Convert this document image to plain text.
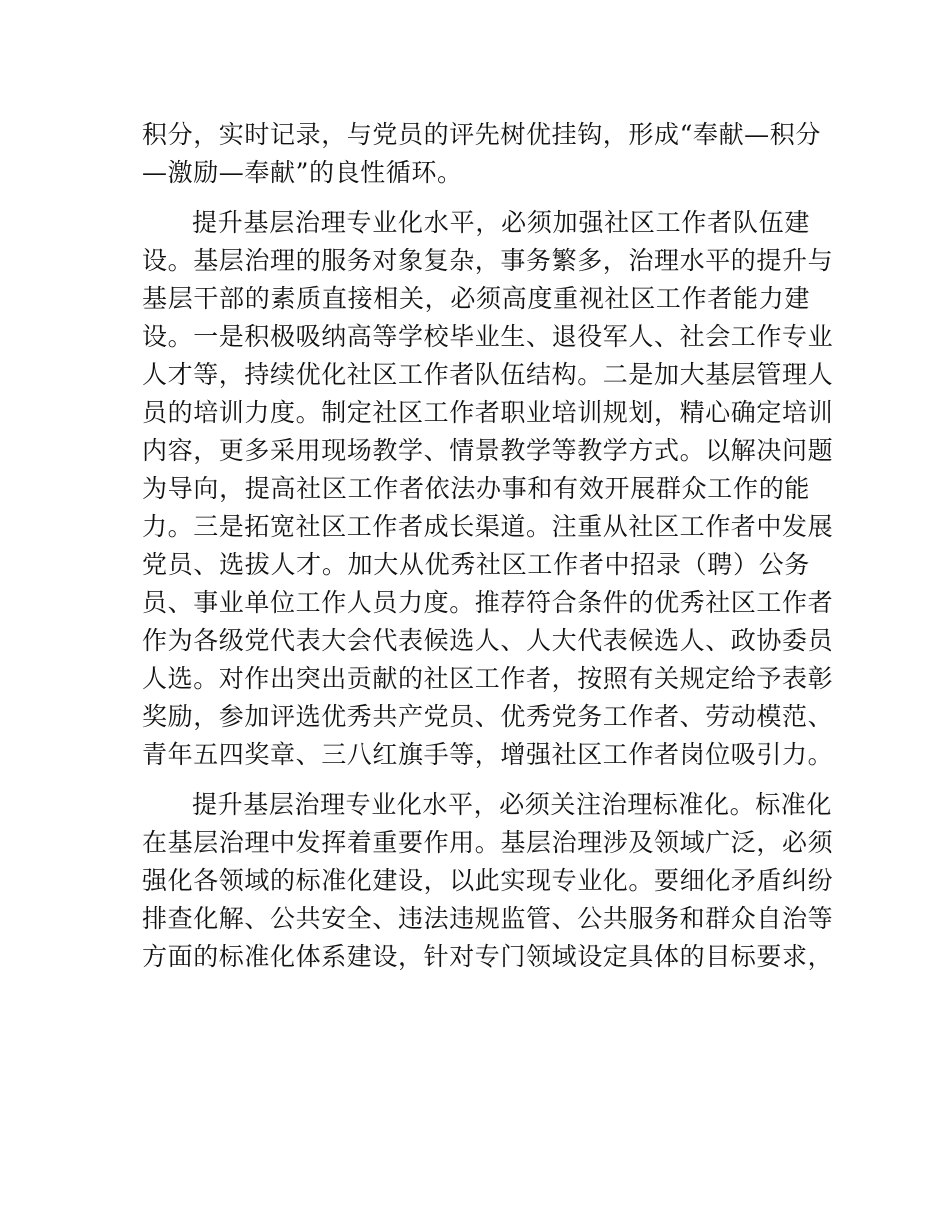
积分，实时记录，与党员的评先树优挂钩，形成“奉献—积分
—激励—奉献”的良性循环。
提升基层治理专业化水平，必须加强社区工作者队伍建
设。基层治理的服务对象复杂，事务繁多，治理水平的提升与
基层干部的素质直接相关，必须高度重视社区工作者能力建
设。一是积极吸纳高等学校毕业生、退役军人、社会工作专业
人才等，持续优化社区工作者队伍结构。二是加大基层管理人
员的培训力度。制定社区工作者职业培训规划，精心确定培训
内容，更多采用现场教学、情景教学等教学方式。以解决问题
为导向，提高社区工作者依法办事和有效开展群众工作的能
力。三是拓宽社区工作者成长渠道。注重从社区工作者中发展
党员、选拔人才。加大从优秀社区工作者中招录（聘）公务
员、事业单位工作人员力度。推荐符合条件的优秀社区工作者
作为各级党代表大会代表候选人、人大代表候选人、政协委员
人选。对作出突出贡献的社区工作者，按照有关规定给予表彰
奖励，参加评选优秀共产党员、优秀党务工作者、劳动模范、
青年五四奖章、三八红旗手等，增强社区工作者岗位吸引力。
提升基层治理专业化水平，必须关注治理标准化。标准化
在基层治理中发挥着重要作用。基层治理涉及领域广泛，必须
强化各领域的标准化建设，以此实现专业化。要细化矛盾纠纷
排查化解、公共安全、违法违规监管、公共服务和群众自治等
方面的标准化体系建设，针对专门领域设定具体的目标要求，
